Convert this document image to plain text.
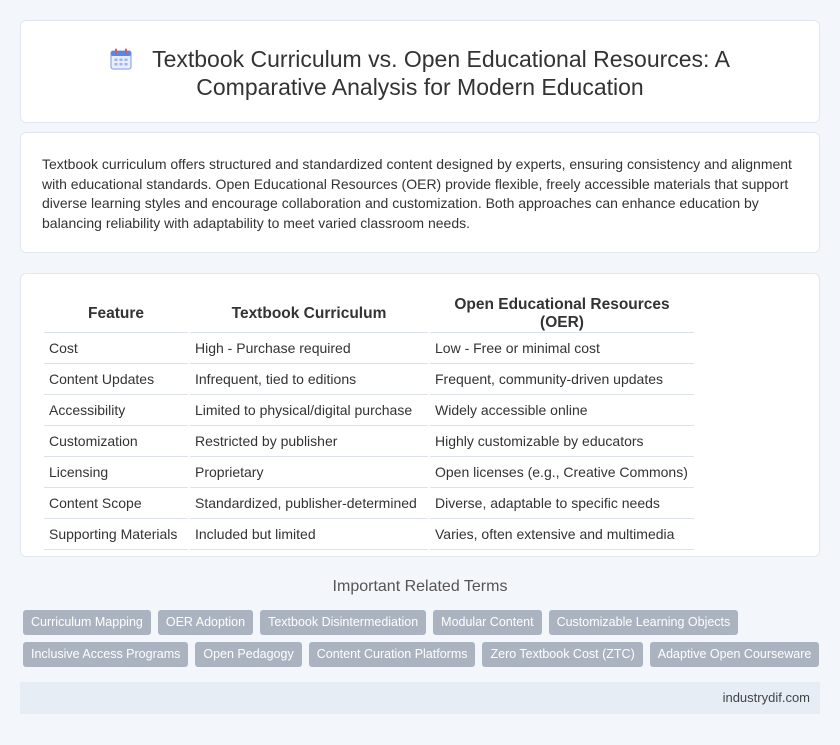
Textbook Curriculum vs. Open Educational Resources: A
Comparative Analysis for Modern Education

Textbook curriculum offers structured and standardized content designed by experts, ensuring consistency and alignment with educational standards. Open Educational Resources (OER) provide flexible, freely accessible materials that support diverse learning styles and encourage collaboration and customization. Both approaches can enhance education by balancing reliability with adaptability to meet varied classroom needs.

Feature	Textbook Curriculum	Open Educational Resources (OER)
Cost	High - Purchase required	Low - Free or minimal cost
Content Updates	Infrequent, tied to editions	Frequent, community-driven updates
Accessibility	Limited to physical/digital purchase	Widely accessible online
Customization	Restricted by publisher	Highly customizable by educators
Licensing	Proprietary	Open licenses (e.g., Creative Commons)
Content Scope	Standardized, publisher-determined	Diverse, adaptable to specific needs
Supporting Materials	Included but limited	Varies, often extensive and multimedia
Important Related Terms
Curriculum Mapping	OER Adoption	Textbook Disintermediation	Modular Content	Customizable Learning Objects
Inclusive Access Programs	Open Pedagogy	Content Curation Platforms	Zero Textbook Cost (ZTC)	Adaptive Open Courseware
industrydif.com
